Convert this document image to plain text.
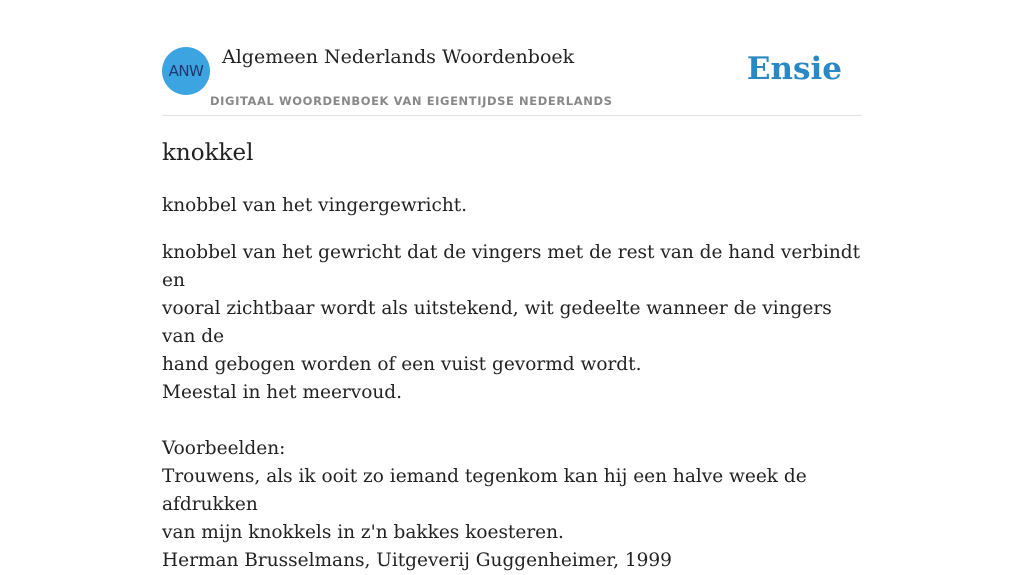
ANW
Algemeen Nederlands Woordenboek
DIGITAAL WOORDENBOEK VAN EIGENTIJDSE NEDERLANDS
Ensie
knokkel

knobbel van het vingergewricht.

knobbel van het gewricht dat de vingers met de rest van de hand verbindt en
vooral zichtbaar wordt als uitstekend, wit gedeelte wanneer de vingers van de
hand gebogen worden of een vuist gevormd wordt.
Meestal in het meervoud.
Voorbeelden:
Trouwens, als ik ooit zo iemand tegenkom kan hij een halve week de afdrukken
van mijn knokkels in z'n bakkes koesteren.
Herman Brusselmans, Uitgeverij Guggenheimer, 1999
